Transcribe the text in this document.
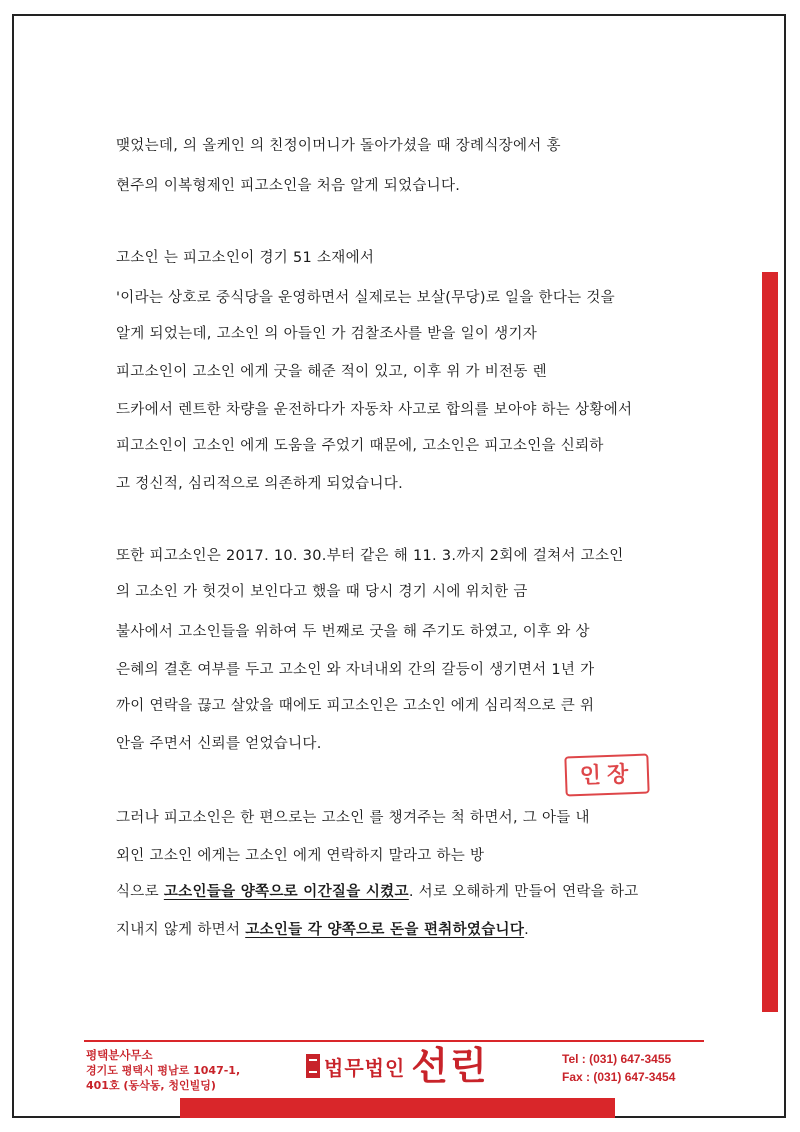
맺었는데, 의 올케인 의 친정이머니가 돌아가셨을 때 장례식장에서 홍
현주의 이복형제인 피고소인을 처음 알게 되었습니다.
고소인 는 피고소인이 경기 51 소재에서
'이라는 상호로 중식당을 운영하면서 실제로는 보살(무당)로 일을 한다는 것을
알게 되었는데, 고소인 의 아들인 가 검찰조사를 받을 일이 생기자
피고소인이 고소인 에게 굿을 해준 적이 있고, 이후 위 가 비전동 렌
드카에서 렌트한 차량을 운전하다가 자동차 사고로 합의를 보아야 하는 상황에서
피고소인이 고소인 에게 도움을 주었기 때문에, 고소인은 피고소인을 신뢰하
고 정신적, 심리적으로 의존하게 되었습니다.
또한 피고소인은 2017. 10. 30.부터 같은 해 11. 3.까지 2회에 걸쳐서 고소인
의 고소인 가 헛것이 보인다고 했을 때 당시 경기 시에 위치한 금
불사에서 고소인들을 위하여 두 번째로 굿을 해 주기도 하였고, 이후 와 상
은혜의 결혼 여부를 두고 고소인 와 자녀내외 간의 갈등이 생기면서 1년 가
까이 연락을 끊고 살았을 때에도 피고소인은 고소인 에게 심리적으로 큰 위
안을 주면서 신뢰를 얻었습니다.
인장
그러나 피고소인은 한 편으로는 고소인 를 챙겨주는 척 하면서, 그 아들 내
외인 고소인 에게는 고소인 에게 연락하지 말라고 하는 방
식으로 고소인들을 양쪽으로 이간질을 시켰고. 서로 오해하게 만들어 연락을 하고
지내지 않게 하면서 고소인들 각 양쪽으로 돈을 편취하였습니다.
평택분사무소
경기도 평택시 평남로 1047-1,
401호 (동삭동, 청인빌딩)
법무법인 선린	Tel : (031) 647-3455
Fax : (031) 647-3454
